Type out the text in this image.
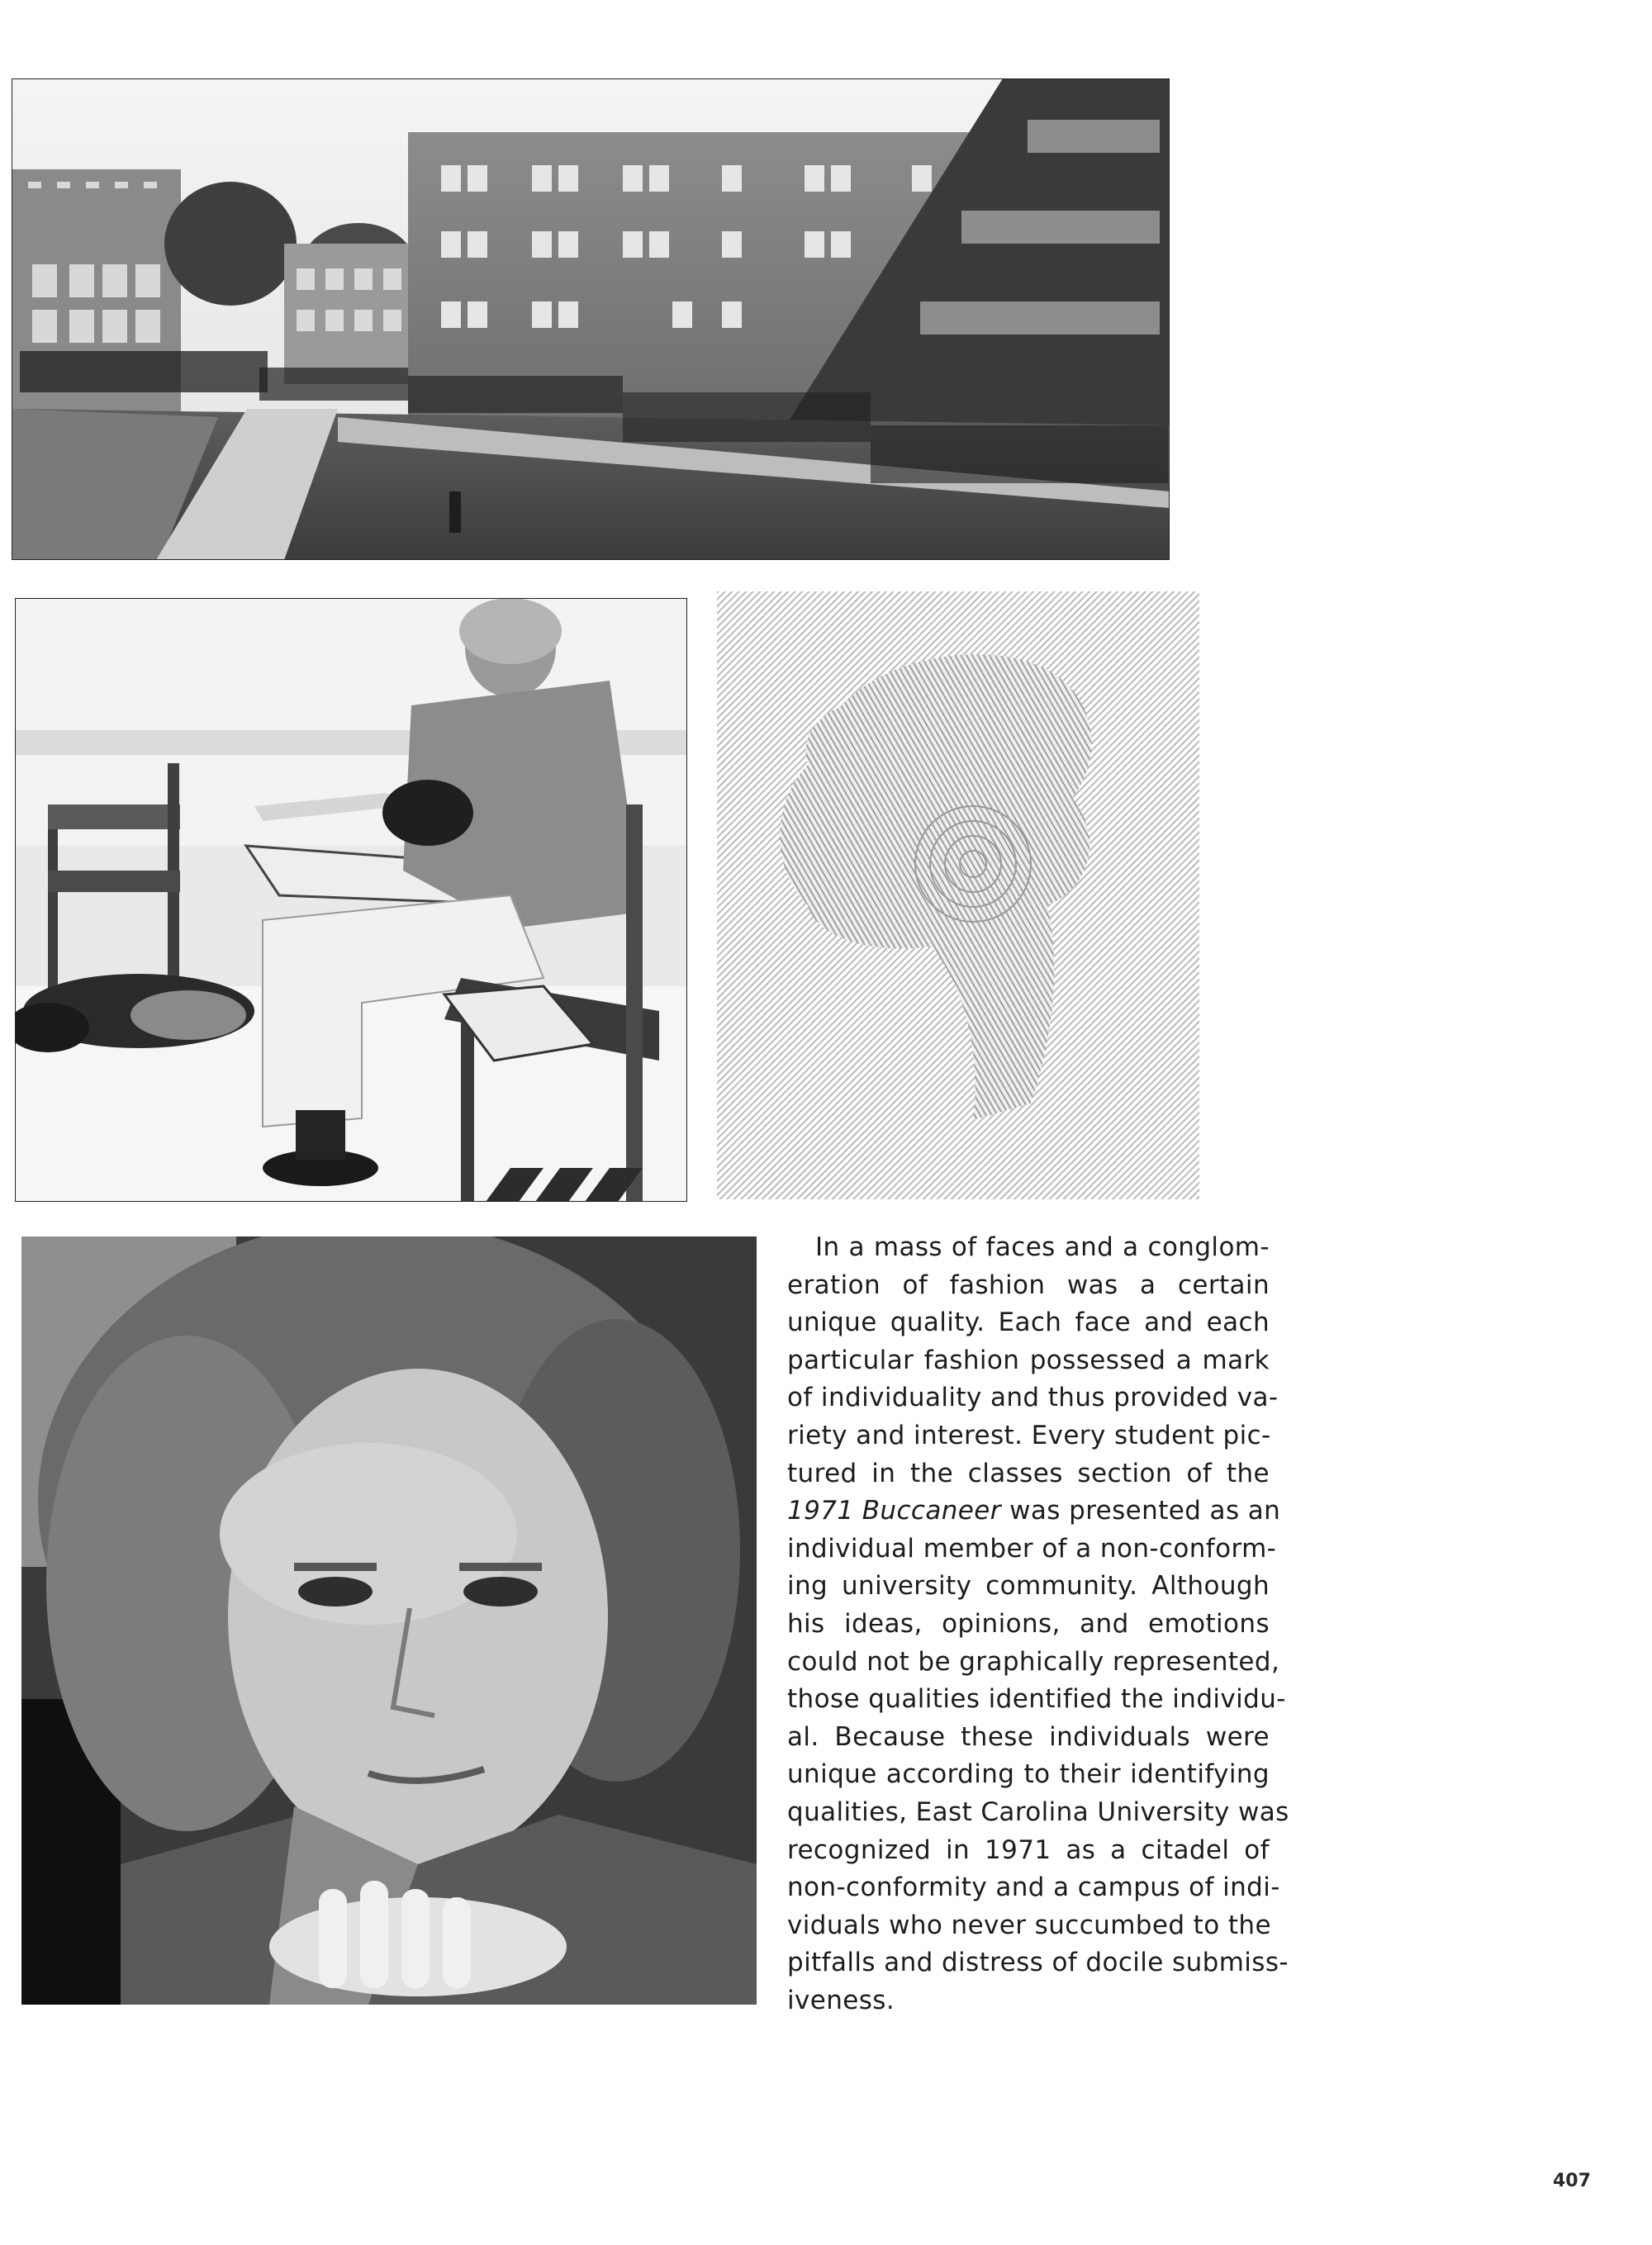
In a mass of faces and a conglom-
eration of fashion was a certain
unique quality. Each face and each
particular fashion possessed a mark
of individuality and thus provided va-
riety and interest. Every student pic-
tured in the classes section of the
1971 Buccaneer was presented as an
individual member of a non-conform-
ing university community. Although
his ideas, opinions, and emotions
could not be graphically represented,
those qualities identified the individu-
al. Because these individuals were
unique according to their identifying
qualities, East Carolina University was
recognized in 1971 as a citadel of
non-conformity and a campus of indi-
viduals who never succumbed to the
pitfalls and distress of docile submiss-
iveness.
407
